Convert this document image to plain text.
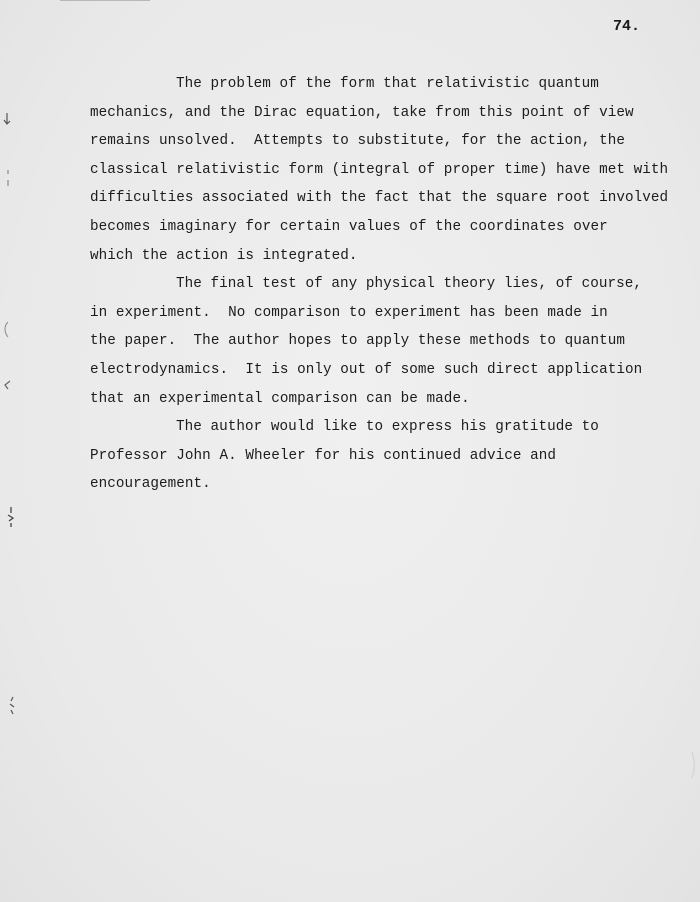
74.
The problem of the form that relativistic quantum
mechanics, and the Dirac equation, take from this point of view
remains unsolved.  Attempts to substitute, for the action, the
classical relativistic form (integral of proper time) have met with
difficulties associated with the fact that the square root involved
becomes imaginary for certain values of the coordinates over
which the action is integrated.
The final test of any physical theory lies, of course,
in experiment.  No comparison to experiment has been made in
the paper.  The author hopes to apply these methods to quantum
electrodynamics.  It is only out of some such direct application
that an experimental comparison can be made.
The author would like to express his gratitude to
Professor John A. Wheeler for his continued advice and
encouragement.
